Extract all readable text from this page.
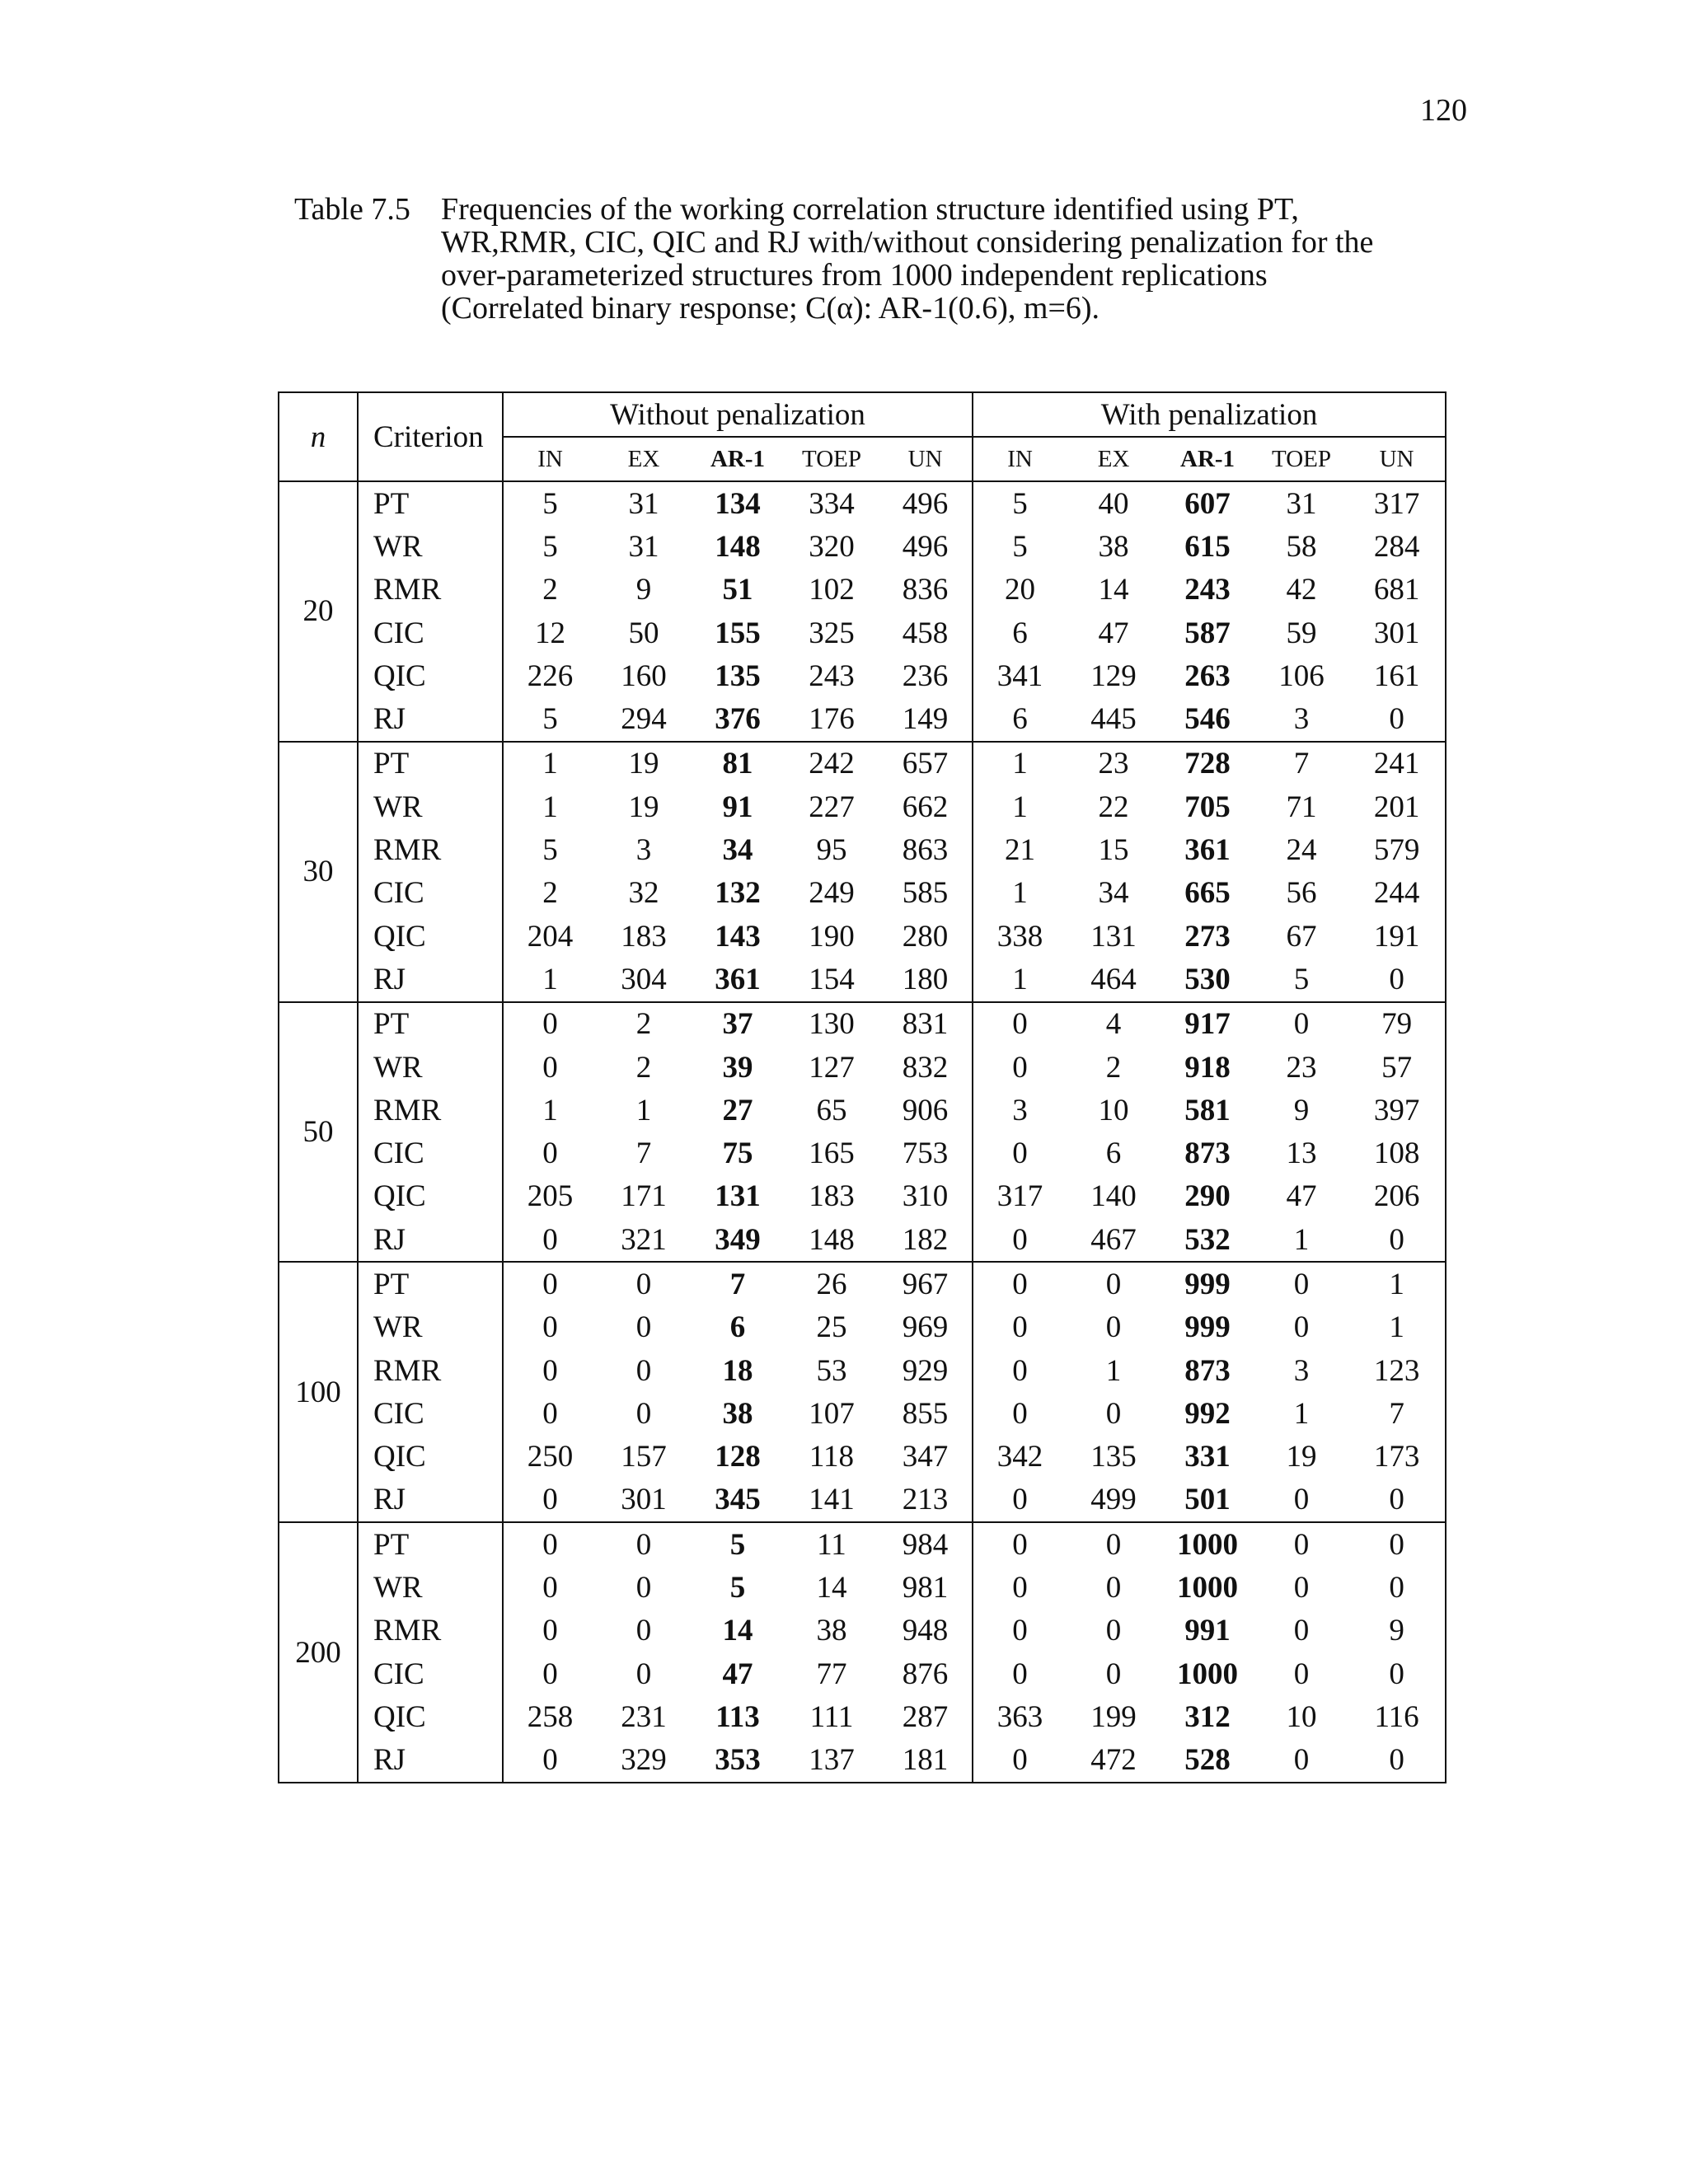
120
Table 7.5 Frequencies of the working correlation structure identified using PT,
WR,RMR, CIC, QIC and RJ with/without considering penalization for the
over-parameterized structures from 1000 independent replications
(Correlated binary response; C(α): AR-1(0.6), m=6).
n	Criterion	Without penalization					With penalization				
		IN	EX	AR-1	TOEP	UN	IN	EX	AR-1	TOEP	UN
20	PT	5	31	134	334	496	5	40	607	31	317
	WR	5	31	148	320	496	5	38	615	58	284
	RMR	2	9	51	102	836	20	14	243	42	681
	CIC	12	50	155	325	458	6	47	587	59	301
	QIC	226	160	135	243	236	341	129	263	106	161
	RJ	5	294	376	176	149	6	445	546	3	0
30	PT	1	19	81	242	657	1	23	728	7	241
	WR	1	19	91	227	662	1	22	705	71	201
	RMR	5	3	34	95	863	21	15	361	24	579
	CIC	2	32	132	249	585	1	34	665	56	244
	QIC	204	183	143	190	280	338	131	273	67	191
	RJ	1	304	361	154	180	1	464	530	5	0
50	PT	0	2	37	130	831	0	4	917	0	79
	WR	0	2	39	127	832	0	2	918	23	57
	RMR	1	1	27	65	906	3	10	581	9	397
	CIC	0	7	75	165	753	0	6	873	13	108
	QIC	205	171	131	183	310	317	140	290	47	206
	RJ	0	321	349	148	182	0	467	532	1	0
100	PT	0	0	7	26	967	0	0	999	0	1
	WR	0	0	6	25	969	0	0	999	0	1
	RMR	0	0	18	53	929	0	1	873	3	123
	CIC	0	0	38	107	855	0	0	992	1	7
	QIC	250	157	128	118	347	342	135	331	19	173
	RJ	0	301	345	141	213	0	499	501	0	0
200	PT	0	0	5	11	984	0	0	1000	0	0
	WR	0	0	5	14	981	0	0	1000	0	0
	RMR	0	0	14	38	948	0	0	991	0	9
	CIC	0	0	47	77	876	0	0	1000	0	0
	QIC	258	231	113	111	287	363	199	312	10	116
	RJ	0	329	353	137	181	0	472	528	0	0
